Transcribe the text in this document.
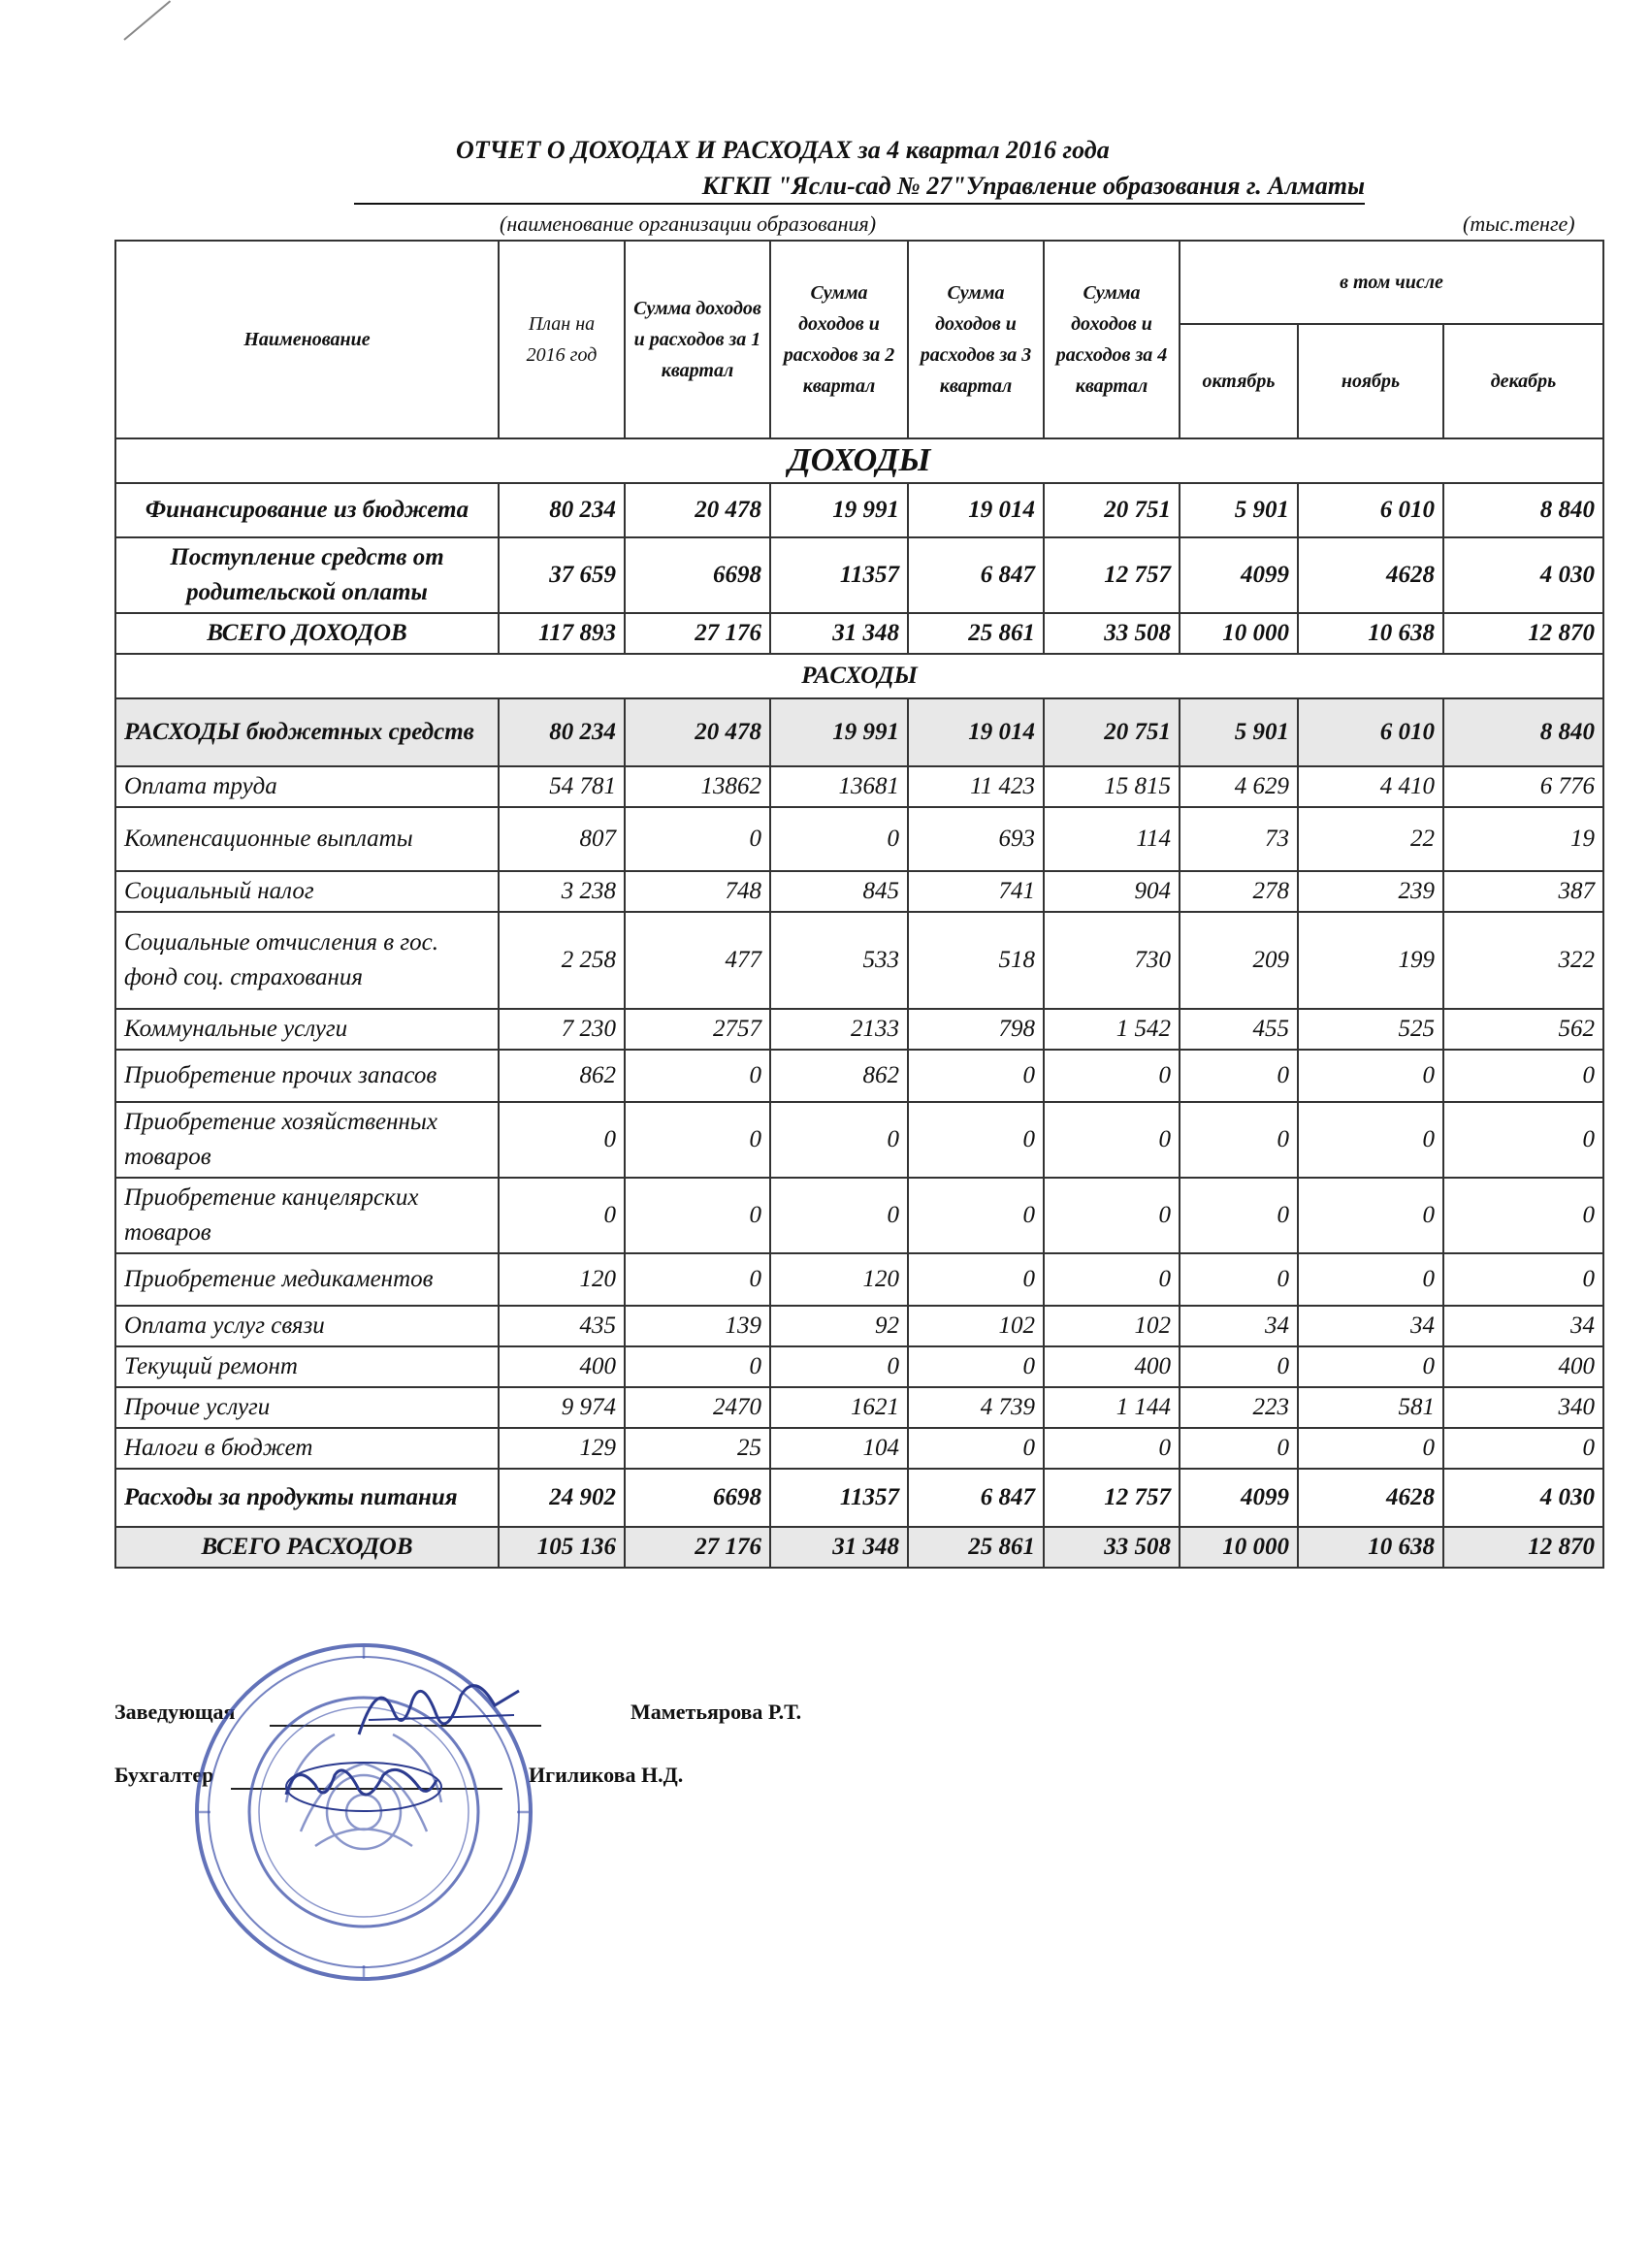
ОТЧЕТ О ДОХОДАХ И РАСХОДАХ за 4 квартал 2016 года
КГКП "Ясли-сад № 27"Управление образования г. Алматы
(наименование организации образования)	(тыс.тенге)
Наименование	План на 2016 год	Сумма доходов и расходов за 1 квартал	Сумма доходов и расходов за 2 квартал	Сумма доходов и расходов за 3 квартал	Сумма доходов и расходов за 4 квартал	в том числе		
						октябрь	ноябрь	декабрь
ДОХОДЫ								
Финансирование из бюджета	80 234	20 478	19 991	19 014	20 751	5 901	6 010	8 840
Поступление средств от родительской оплаты	37 659	6698	11357	6 847	12 757	4099	4628	4 030
ВСЕГО ДОХОДОВ	117 893	27 176	31 348	25 861	33 508	10 000	10 638	12 870
РАСХОДЫ								
РАСХОДЫ бюджетных средств	80 234	20 478	19 991	19 014	20 751	5 901	6 010	8 840
Оплата труда	54 781	13862	13681	11 423	15 815	4 629	4 410	6 776
Компенсационные выплаты	807	0	0	693	114	73	22	19
Социальный налог	3 238	748	845	741	904	278	239	387
Социальные отчисления в гос. фонд соц. страхования	2 258	477	533	518	730	209	199	322
Коммунальные услуги	7 230	2757	2133	798	1 542	455	525	562
Приобретение прочих запасов	862	0	862	0	0	0	0	0
Приобретение хозяйственных товаров	0	0	0	0	0	0	0	0
Приобретение канцелярских товаров	0	0	0	0	0	0	0	0
Приобретение медикаментов	120	0	120	0	0	0	0	0
Оплата услуг связи	435	139	92	102	102	34	34	34
Текущий ремонт	400	0	0	0	400	0	0	400
Прочие услуги	9 974	2470	1621	4 739	1 144	223	581	340
Налоги в бюджет	129	25	104	0	0	0	0	0
Расходы за продукты питания	24 902	6698	11357	6 847	12 757	4099	4628	4 030
ВСЕГО РАСХОДОВ	105 136	27 176	31 348	25 861	33 508	10 000	10 638	12 870
Заведующая	Маметьярова Р.Т.
Бухгалтер	Игиликова Н.Д.
